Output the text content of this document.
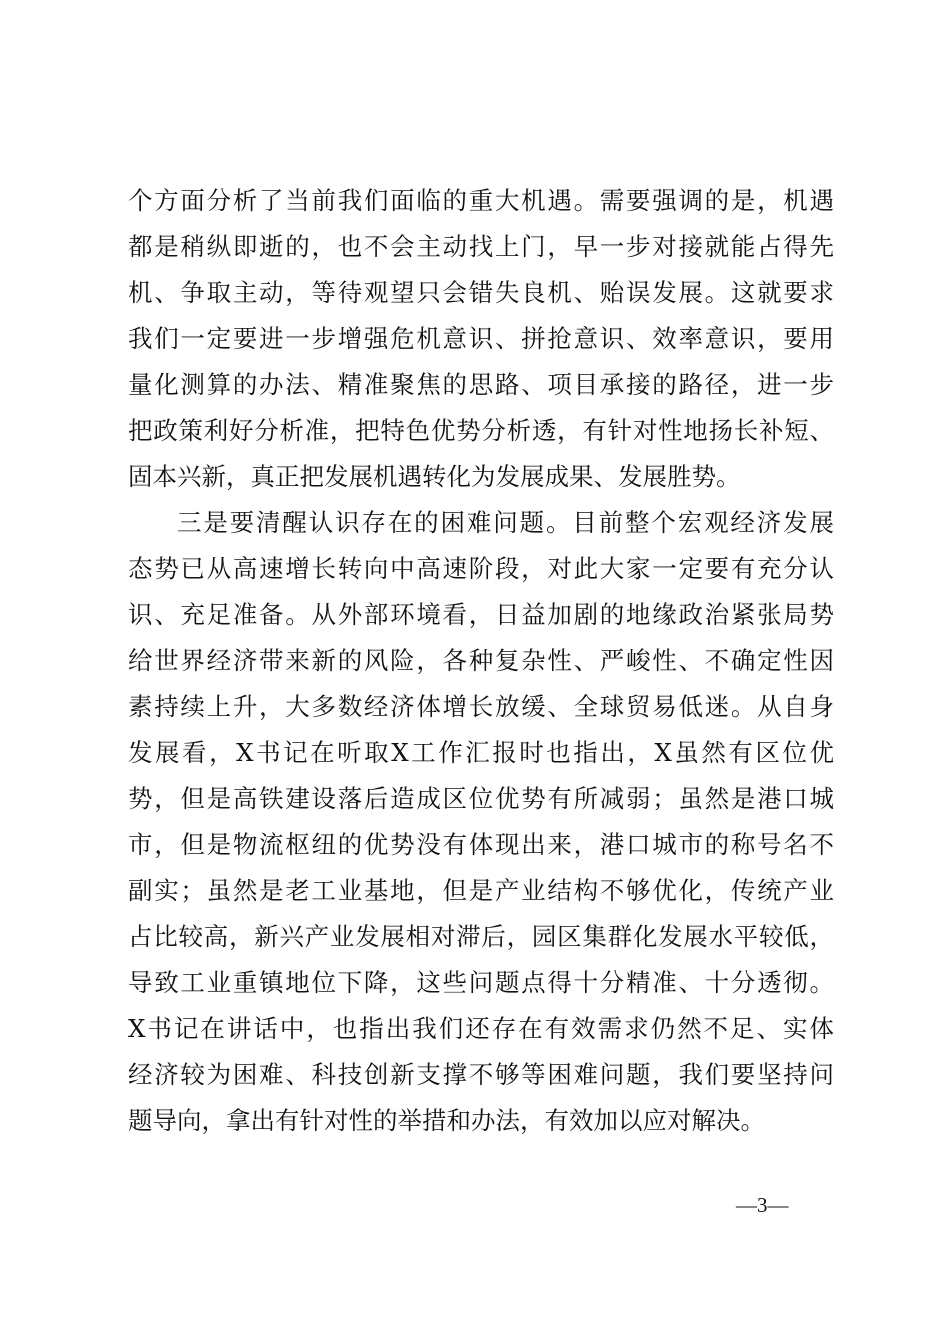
个方面分析了当前我们面临的重大机遇。需要强调的是，机遇
都是稍纵即逝的，也不会主动找上门，早一步对接就能占得先
机、争取主动，等待观望只会错失良机、贻误发展。这就要求
我们一定要进一步增强危机意识、拼抢意识、效率意识，要用
量化测算的办法、精准聚焦的思路、项目承接的路径，进一步
把政策利好分析准，把特色优势分析透，有针对性地扬长补短、
固本兴新，真正把发展机遇转化为发展成果、发展胜势。
三是要清醒认识存在的困难问题。目前整个宏观经济发展
态势已从高速增长转向中高速阶段，对此大家一定要有充分认
识、充足准备。从外部环境看，日益加剧的地缘政治紧张局势
给世界经济带来新的风险，各种复杂性、严峻性、不确定性因
素持续上升，大多数经济体增长放缓、全球贸易低迷。从自身
发展看，X书记在听取X工作汇报时也指出，X虽然有区位优
势，但是高铁建设落后造成区位优势有所减弱；虽然是港口城
市，但是物流枢纽的优势没有体现出来，港口城市的称号名不
副实；虽然是老工业基地，但是产业结构不够优化，传统产业
占比较高，新兴产业发展相对滞后，园区集群化发展水平较低，
导致工业重镇地位下降，这些问题点得十分精准、十分透彻。
X书记在讲话中，也指出我们还存在有效需求仍然不足、实体
经济较为困难、科技创新支撑不够等困难问题，我们要坚持问
题导向，拿出有针对性的举措和办法，有效加以应对解决。
—3—
